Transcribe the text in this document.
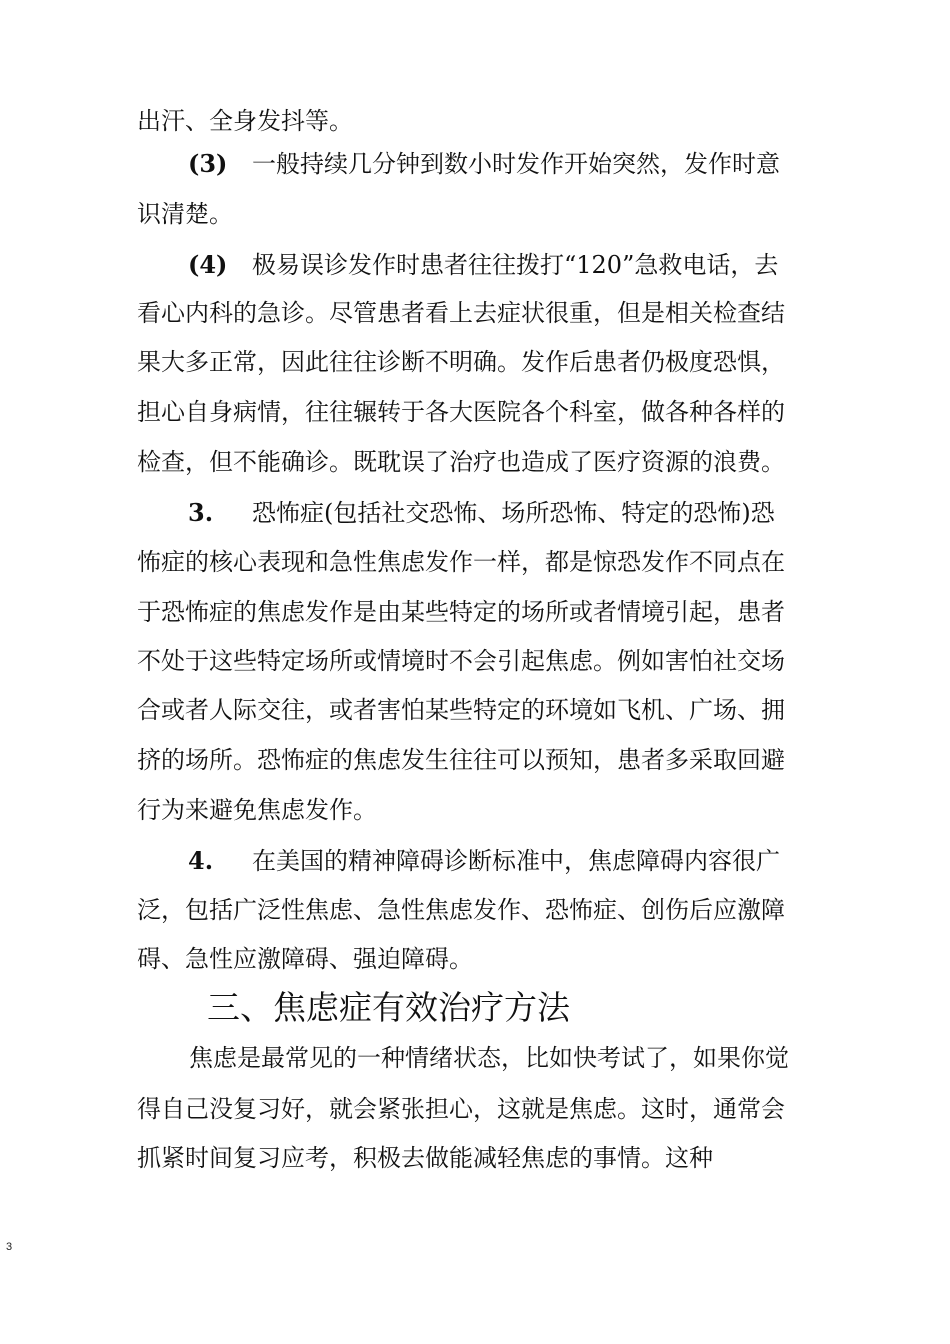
出汗、全身发抖等。
(3) 一般持续几分钟到数小时发作开始突然，发作时意
识清楚。
(4) 极易误诊发作时患者往往拨打“120”急救电话，去
看心内科的急诊。尽管患者看上去症状很重，但是相关检查结
果大多正常，因此往往诊断不明确。发作后患者仍极度恐惧，
担心自身病情，往往辗转于各大医院各个科室，做各种各样的
检查，但不能确诊。既耽误了治疗也造成了医疗资源的浪费。
3. 恐怖症(包括社交恐怖、场所恐怖、特定的恐怖)恐
怖症的核心表现和急性焦虑发作一样，都是惊恐发作不同点在
于恐怖症的焦虑发作是由某些特定的场所或者情境引起，患者
不处于这些特定场所或情境时不会引起焦虑。例如害怕社交场
合或者人际交往，或者害怕某些特定的环境如飞机、广场、拥
挤的场所。恐怖症的焦虑发生往往可以预知，患者多采取回避
行为来避免焦虑发作。
4. 在美国的精神障碍诊断标准中，焦虑障碍内容很广
泛，包括广泛性焦虑、急性焦虑发作、恐怖症、创伤后应激障
碍、急性应激障碍、强迫障碍。
三、焦虑症有效治疗方法
焦虑是最常见的一种情绪状态，比如快考试了，如果你觉
得自己没复习好，就会紧张担心，这就是焦虑。这时，通常会
抓紧时间复习应考，积极去做能减轻焦虑的事情。这种
3
